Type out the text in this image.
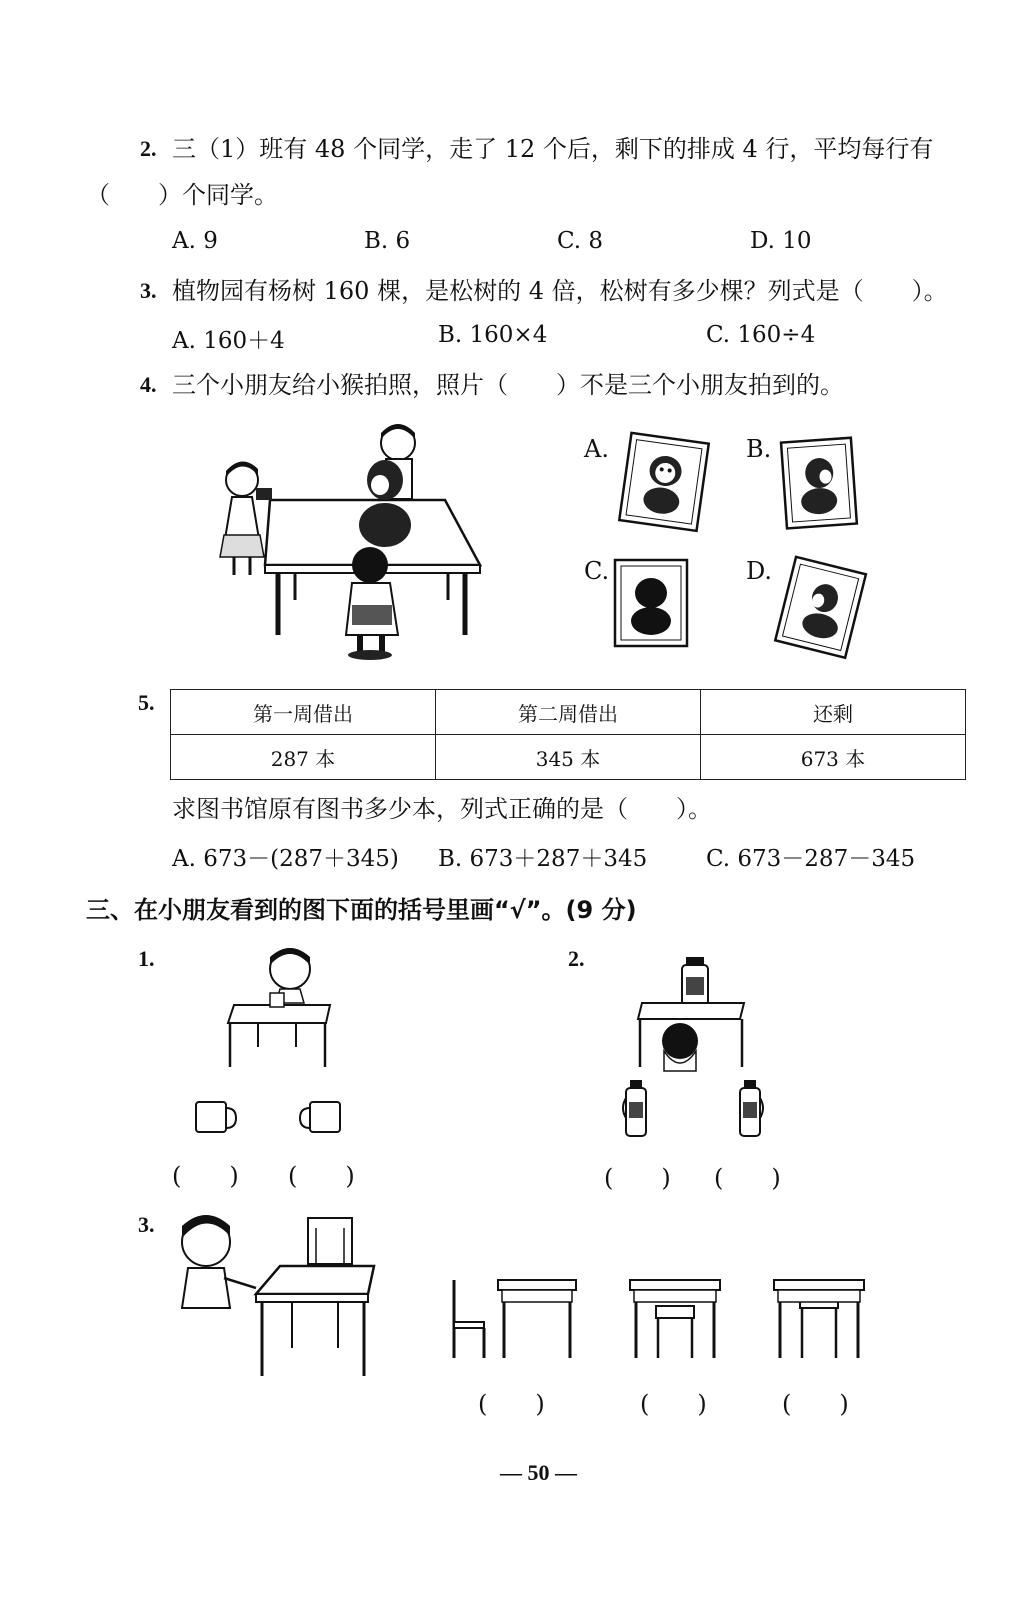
2. 三（1）班有 48 个同学，走了 12 个后，剩下的排成 4 行，平均每行有
（　　）个同学。
A. 9	B. 6	C. 8	D. 10
3. 植物园有杨树 160 棵，是松树的 4 倍，松树有多少棵？列式是（　　）。
A. 160＋4	B. 160×4	C. 160÷4
4. 三个小朋友给小猴拍照，照片（　　）不是三个小朋友拍到的。
A.	B.
C.	D.
5.	第一周借出	第二周借出	还剩
287 本	345 本	673 本
求图书馆原有图书多少本，列式正确的是（　　）。
A. 673－(287＋345) B. 673＋287＋345	C. 673－287－345
三、在小朋友看到的图下面的括号里画“√”。(9 分)
1.
(　　) (　　)
2.
(　　) (　　)
3.
(　　)	(　　)	(　　)
— 50 —
